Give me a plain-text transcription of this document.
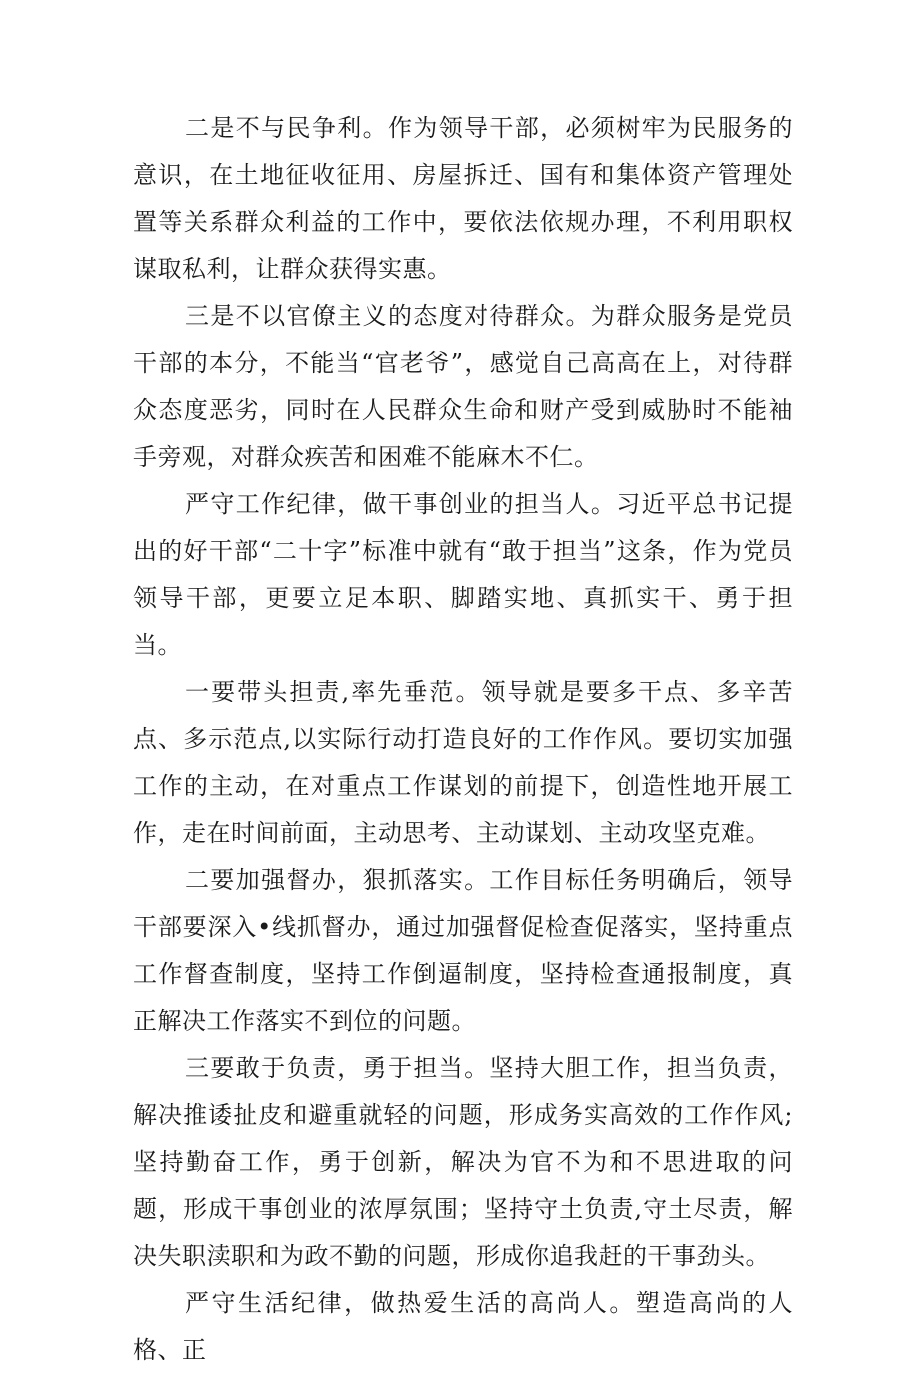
二是不与民争利。作为领导干部，必须树牢为民服务的意识，在土地征收征用、房屋拆迁、国有和集体资产管理处置等关系群众利益的工作中，要依法依规办理，不利用职权谋取私利，让群众获得实惠。

三是不以官僚主义的态度对待群众。为群众服务是党员干部的本分，不能当“官老爷”，感觉自己高高在上，对待群众态度恶劣，同时在人民群众生命和财产受到威胁时不能袖手旁观，对群众疾苦和困难不能麻木不仁。

严守工作纪律，做干事创业的担当人。习近平总书记提出的好干部“二十字”标准中就有“敢于担当”这条，作为党员领导干部，更要立足本职、脚踏实地、真抓实干、勇于担当。

一要带头担责,率先垂范。领导就是要多干点、多辛苦点、多示范点,以实际行动打造良好的工作作风。要切实加强工作的主动，在对重点工作谋划的前提下，创造性地开展工作，走在时间前面，主动思考、主动谋划、主动攻坚克难。

二要加强督办，狠抓落实。工作目标任务明确后，领导干部要深入•线抓督办，通过加强督促检查促落实，坚持重点工作督查制度，坚持工作倒逼制度，坚持检查通报制度，真正解决工作落实不到位的问题。

三要敢于负责，勇于担当。坚持大胆工作，担当负责，解决推诿扯皮和避重就轻的问题，形成务实高效的工作作风;坚持勤奋工作，勇于创新，解决为官不为和不思进取的问题，形成干事创业的浓厚氛围；坚持守土负责,守土尽责，解决失职渎职和为政不勤的问题，形成你追我赶的干事劲头。

严守生活纪律，做热爱生活的高尚人。塑造高尚的人格、正
